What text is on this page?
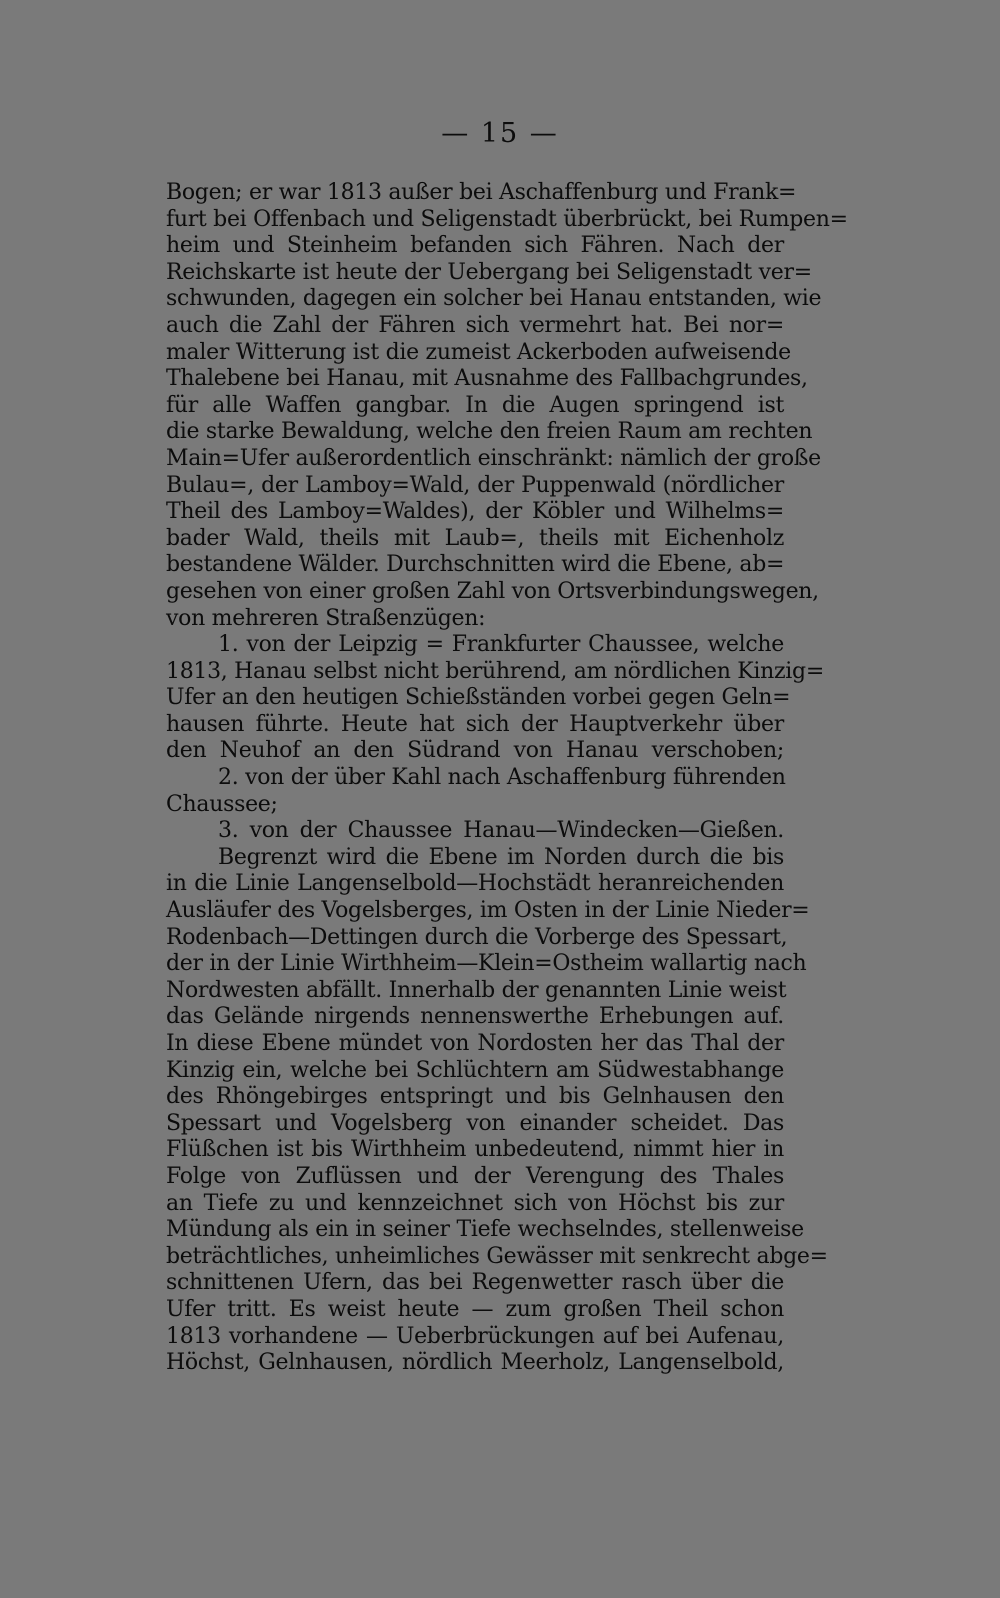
— 15 —
Bogen; er war 1813 außer bei Aschaffenburg und Frank=
furt bei Offenbach und Seligenstadt überbrückt, bei Rumpen=
heim und Steinheim befanden sich Fähren. Nach der
Reichskarte ist heute der Uebergang bei Seligenstadt ver=
schwunden, dagegen ein solcher bei Hanau entstanden, wie
auch die Zahl der Fähren sich vermehrt hat. Bei nor=
maler Witterung ist die zumeist Ackerboden aufweisende
Thalebene bei Hanau, mit Ausnahme des Fallbachgrundes,
für alle Waffen gangbar. In die Augen springend ist
die starke Bewaldung, welche den freien Raum am rechten
Main=Ufer außerordentlich einschränkt: nämlich der große
Bulau=, der Lamboy=Wald, der Puppenwald (nördlicher
Theil des Lamboy=Waldes), der Köbler und Wilhelms=
bader Wald, theils mit Laub=, theils mit Eichenholz
bestandene Wälder. Durchschnitten wird die Ebene, ab=
gesehen von einer großen Zahl von Ortsverbindungswegen,
von mehreren Straßenzügen:
1. von der Leipzig = Frankfurter Chaussee, welche
1813, Hanau selbst nicht berührend, am nördlichen Kinzig=
Ufer an den heutigen Schießständen vorbei gegen Geln=
hausen führte. Heute hat sich der Hauptverkehr über
den Neuhof an den Südrand von Hanau verschoben;
2. von der über Kahl nach Aschaffenburg führenden
Chaussee;
3. von der Chaussee Hanau—Windecken—Gießen.
Begrenzt wird die Ebene im Norden durch die bis
in die Linie Langenselbold—Hochstädt heranreichenden
Ausläufer des Vogelsberges, im Osten in der Linie Nieder=
Rodenbach—Dettingen durch die Vorberge des Spessart,
der in der Linie Wirthheim—Klein=Ostheim wallartig nach
Nordwesten abfällt. Innerhalb der genannten Linie weist
das Gelände nirgends nennenswerthe Erhebungen auf.
In diese Ebene mündet von Nordosten her das Thal der
Kinzig ein, welche bei Schlüchtern am Südwestabhange
des Rhöngebirges entspringt und bis Gelnhausen den
Spessart und Vogelsberg von einander scheidet. Das
Flüßchen ist bis Wirthheim unbedeutend, nimmt hier in
Folge von Zuflüssen und der Verengung des Thales
an Tiefe zu und kennzeichnet sich von Höchst bis zur
Mündung als ein in seiner Tiefe wechselndes, stellenweise
beträchtliches, unheimliches Gewässer mit senkrecht abge=
schnittenen Ufern, das bei Regenwetter rasch über die
Ufer tritt. Es weist heute — zum großen Theil schon
1813 vorhandene — Ueberbrückungen auf bei Aufenau,
Höchst, Gelnhausen, nördlich Meerholz, Langenselbold,
